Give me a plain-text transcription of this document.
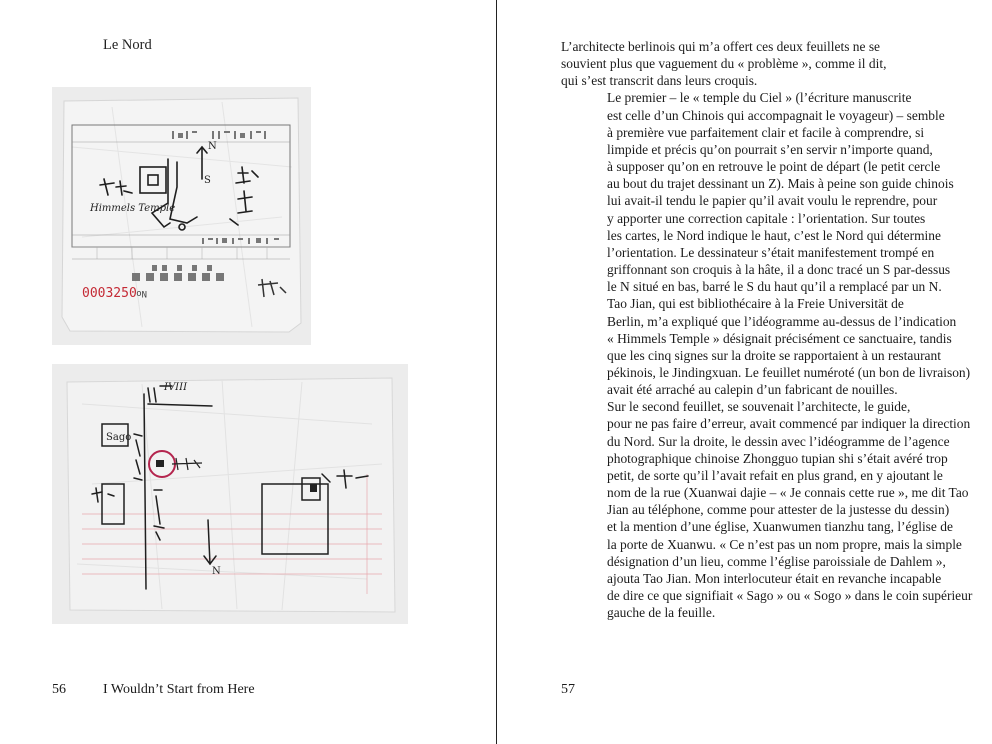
Le Nord
N
S
Himmels Temple
No
0003250
IVIII
Sago
N
56	I Wouldn’t Start from Here

L’architecte berlinois qui m’a offert ces deux feuillets ne se
souvient plus que vaguement du « problème », comme il dit,
qui s’est transcrit dans leurs croquis.

Le premier – le « temple du Ciel » (l’écriture manuscrite
est celle d’un Chinois qui accompagnait le voyageur) – semble
à première vue parfaitement clair et facile à comprendre, si
limpide et précis qu’on pourrait s’en servir n’importe quand,
à supposer qu’on en retrouve le point de départ (le petit cercle
au bout du trajet dessinant un Z). Mais à peine son guide chinois
lui avait-il tendu le papier qu’il avait voulu le reprendre, pour
y apporter une correction capitale : l’orientation. Sur toutes
les cartes, le Nord indique le haut, c’est le Nord qui détermine
l’orientation. Le dessinateur s’était manifestement trompé en
griffonnant son croquis à la hâte, il a donc tracé un S par-dessus
le N situé en bas, barré le S du haut qu’il a remplacé par un N.

Tao Jian, qui est bibliothécaire à la Freie Universität de
Berlin, m’a expliqué que l’idéogramme au-dessus de l’indication
« Himmels Temple » désignait précisément ce sanctuaire, tandis
que les cinq signes sur la droite se rapportaient à un restaurant
pékinois, le Jindingxuan. Le feuillet numéroté (un bon de livraison)
avait été arraché au calepin d’un fabricant de nouilles.

Sur le second feuillet, se souvenait l’architecte, le guide,
pour ne pas faire d’erreur, avait commencé par indiquer la direction
du Nord. Sur la droite, le dessin avec l’idéogramme de l’agence
photographique chinoise Zhongguo tupian shi s’était avéré trop
petit, de sorte qu’il l’avait refait en plus grand, en y ajoutant le
nom de la rue (Xuanwai dajie – « Je connais cette rue », me dit Tao
Jian au téléphone, comme pour attester de la justesse du dessin)
et la mention d’une église, Xuanwumen tianzhu tang, l’église de
la porte de Xuanwu. « Ce n’est pas un nom propre, mais la simple
désignation d’un lieu, comme l’église paroissiale de Dahlem »,
ajouta Tao Jian. Mon interlocuteur était en revanche incapable
de dire ce que signifiait « Sago » ou « Sogo » dans le coin supérieur
gauche de la feuille.

57
